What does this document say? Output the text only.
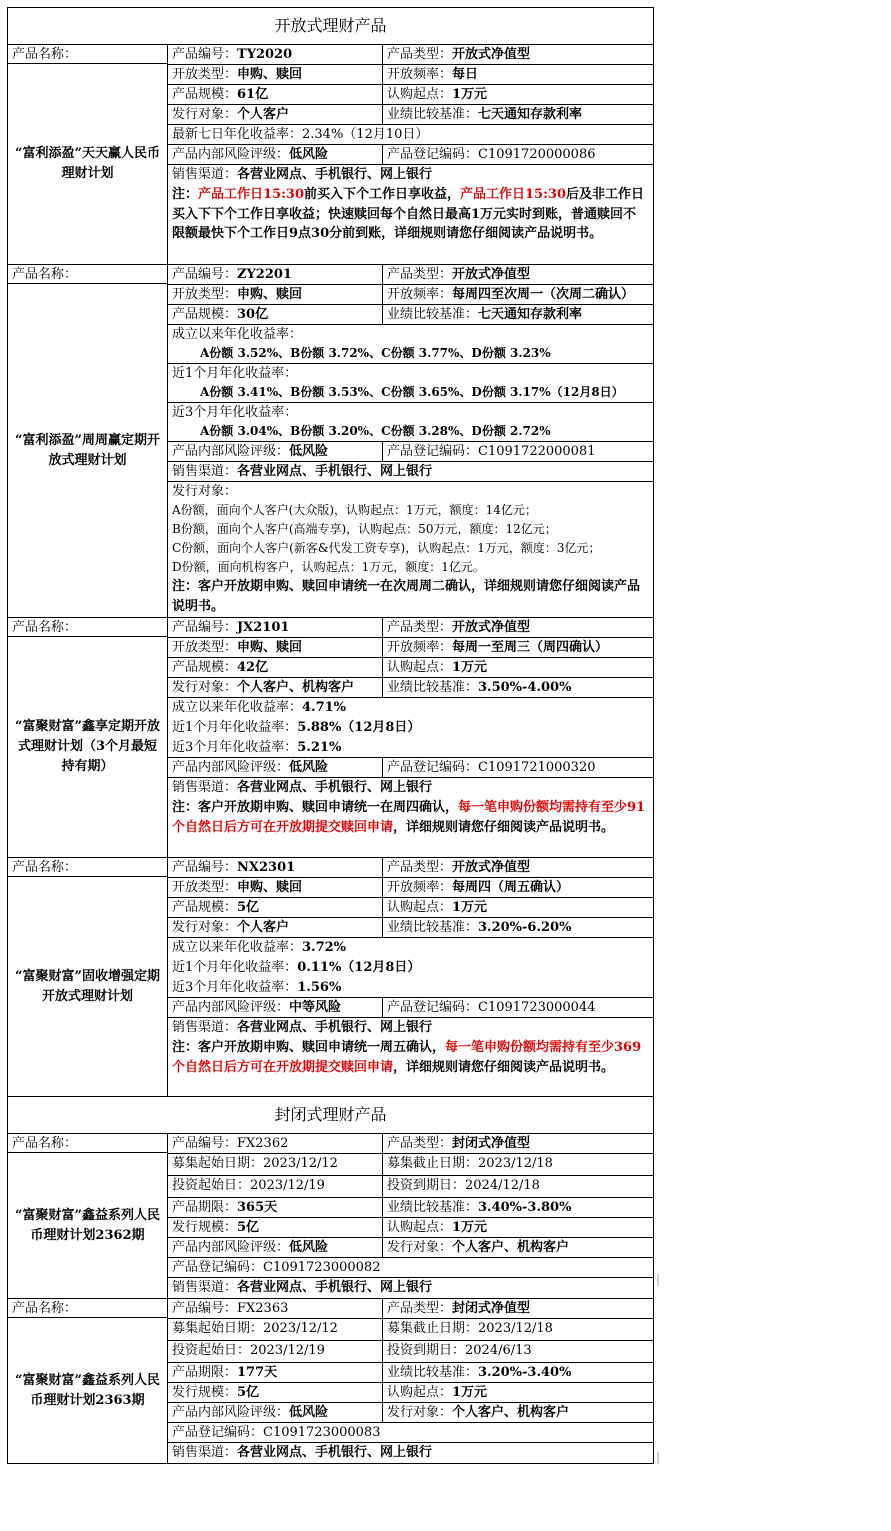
开放式理财产品
产品名称：
“富利添盈”天天赢人民币理财计划
产品编号：TY2020	产品类型：开放式净值型
开放类型：申购、赎回	开放频率：每日
产品规模：61亿	认购起点：1万元
发行对象：个人客户	业绩比较基准：七天通知存款利率
最新七日年化收益率：2.34%（12月10日）
产品内部风险评级：低风险	产品登记编码：C1091720000086
销售渠道：各营业网点、手机银行、网上银行
注：产品工作日15:30前买入下个工作日享收益，产品工作日15:30后及非工作日买入下下个工作日享收益；快速赎回每个自然日最高1万元实时到账，普通赎回不限额最快下个工作日9点30分前到账，详细规则请您仔细阅读产品说明书。
产品名称：
“富利添盈”周周赢定期开放式理财计划
产品编号：ZY2201	产品类型：开放式净值型
开放类型：申购、赎回	开放频率：每周四至次周一（次周二确认）
产品规模：30亿	业绩比较基准：七天通知存款利率
成立以来年化收益率：
A份额 3.52%、B份额 3.72%、C份额 3.77%、D份额 3.23%
近1个月年化收益率：
A份额 3.41%、B份额 3.53%、C份额 3.65%、D份额 3.17%（12月8日）
近3个月年化收益率：
A份额 3.04%、B份额 3.20%、C份额 3.28%、D份额 2.72%
产品内部风险评级：低风险	产品登记编码：C1091722000081
销售渠道：各营业网点、手机银行、网上银行
发行对象：
A份额，面向个人客户(大众版)，认购起点：1万元，额度：14亿元；
B份额，面向个人客户(高端专享)，认购起点：50万元，额度：12亿元；
C份额，面向个人客户(新客&代发工资专享)，认购起点：1万元，额度：3亿元；
D份额，面向机构客户，认购起点：1万元，额度：1亿元。
注：客户开放期申购、赎回申请统一在次周周二确认，详细规则请您仔细阅读产品说明书。
产品名称：
“富聚财富”鑫享定期开放式理财计划（3个月最短持有期）
产品编号：JX2101	产品类型：开放式净值型
开放类型：申购、赎回	开放频率：每周一至周三（周四确认）
产品规模：42亿	认购起点：1万元
发行对象：个人客户、机构客户	业绩比较基准：3.50%-4.00%
成立以来年化收益率：4.71%
近1个月年化收益率：5.88%（12月8日）
近3个月年化收益率：5.21%
产品内部风险评级：低风险	产品登记编码：C1091721000320
销售渠道：各营业网点、手机银行、网上银行
注：客户开放期申购、赎回申请统一在周四确认，每一笔申购份额均需持有至少91个自然日后方可在开放期提交赎回申请，详细规则请您仔细阅读产品说明书。
产品名称：
“富聚财富”固收增强定期开放式理财计划
产品编号：NX2301	产品类型：开放式净值型
开放类型：申购、赎回	开放频率：每周四（周五确认）
产品规模：5亿	认购起点：1万元
发行对象：个人客户	业绩比较基准：3.20%-6.20%
成立以来年化收益率：3.72%
近1个月年化收益率：0.11%（12月8日）
近3个月年化收益率：1.56%
产品内部风险评级：中等风险	产品登记编码：C1091723000044
销售渠道：各营业网点、手机银行、网上银行
注：客户开放期申购、赎回申请统一周五确认，每一笔申购份额均需持有至少369个自然日后方可在开放期提交赎回申请，详细规则请您仔细阅读产品说明书。
封闭式理财产品
产品名称：
“富聚财富”鑫益系列人民币理财计划2362期
产品编号：FX2362	产品类型：封闭式净值型
募集起始日期：2023/12/12	募集截止日期：2023/12/18
投资起始日：2023/12/19	投资到期日：2024/12/18
产品期限：365天	业绩比较基准：3.40%-3.80%
发行规模：5亿	认购起点：1万元
产品内部风险评级：低风险	发行对象：个人客户、机构客户
产品登记编码：C1091723000082
销售渠道：各营业网点、手机银行、网上银行
产品名称：
“富聚财富”鑫益系列人民币理财计划2363期
产品编号：FX2363	产品类型：封闭式净值型
募集起始日期：2023/12/12	募集截止日期：2023/12/18
投资起始日：2023/12/19	投资到期日：2024/6/13
产品期限：177天	业绩比较基准：3.20%-3.40%
发行规模：5亿	认购起点：1万元
产品内部风险评级：低风险	发行对象：个人客户、机构客户
产品登记编码：C1091723000083
销售渠道：各营业网点、手机银行、网上银行
